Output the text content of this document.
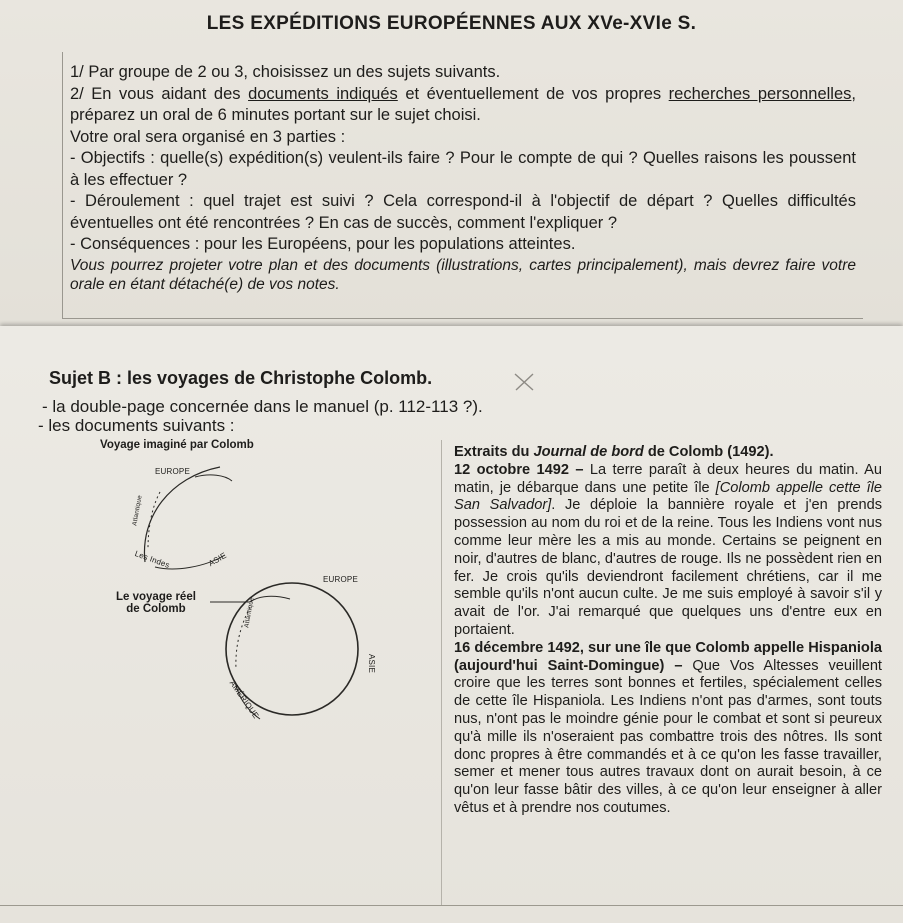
LES EXPÉDITIONS EUROPÉENNES AUX XVe-XVIe S.

1/ Par groupe de 2 ou 3, choisissez un des sujets suivants.

2/ En vous aidant des documents indiqués et éventuellement de vos propres recherches personnelles, préparez un oral de 6 minutes portant sur le sujet choisi.

Votre oral sera organisé en 3 parties :

- Objectifs : quelle(s) expédition(s) veulent-ils faire ? Pour le compte de qui ? Quelles raisons les poussent à les effectuer ?

- Déroulement : quel trajet est suivi ? Cela correspond-il à l'objectif de départ ? Quelles difficultés éventuelles ont été rencontrées ? En cas de succès, comment l'expliquer ?

- Conséquences : pour les Européens, pour les populations atteintes.

Vous pourrez projeter votre plan et des documents (illustrations, cartes principalement), mais devrez faire votre orale en étant détaché(e) de vos notes.

Sujet B : les voyages de Christophe Colomb.
- la double-page concernée dans le manuel (p. 112-113 ?).
- les documents suivants :
Voyage imaginé par Colomb
EUROPE
Atlantique
Les Indes	ASIE
Le voyage réel
de Colomb
EUROPE
Atlantique
ASIE
AMÉRIQUE

Extraits du Journal de bord de Colomb (1492).

12 octobre 1492 – La terre paraît à deux heures du matin. Au matin, je débarque dans une petite île [Colomb appelle cette île San Salvador]. Je déploie la bannière royale et j'en prends possession au nom du roi et de la reine. Tous les Indiens vont nus comme leur mère les a mis au monde. Certains se peignent en noir, d'autres de blanc, d'autres de rouge. Ils ne possèdent rien en fer. Je crois qu'ils deviendront facilement chrétiens, car il me semble qu'ils n'ont aucun culte. Je me suis employé à savoir s'il y avait de l'or. J'ai remarqué que quelques uns d'entre eux en portaient.

16 décembre 1492, sur une île que Colomb appelle Hispaniola (aujourd'hui Saint-Domingue) – Que Vos Altesses veuillent croire que les terres sont bonnes et fertiles, spécialement celles de cette île Hispaniola. Les Indiens n'ont pas d'armes, sont touts nus, n'ont pas le moindre génie pour le combat et sont si peureux qu'à mille ils n'oseraient pas combattre trois des nôtres. Ils sont donc propres à être commandés et à ce qu'on les fasse travailler, semer et mener tous autres travaux dont on aurait besoin, à ce qu'on leur fasse bâtir des villes, à ce qu'on leur enseigner à aller vêtus et à prendre nos coutumes.
